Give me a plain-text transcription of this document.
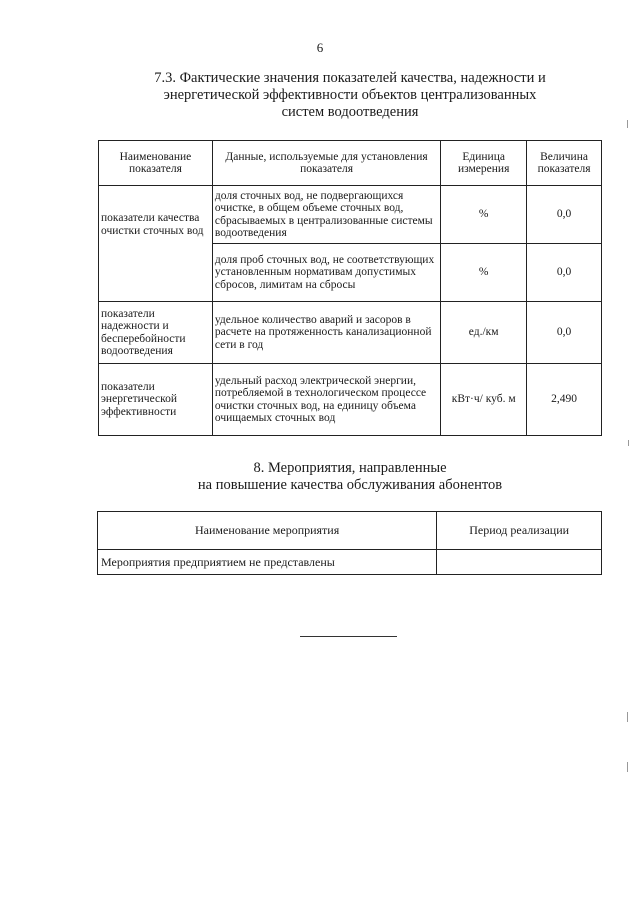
6
7.3. Фактические значения показателей качества, надежности и
энергетической эффективности объектов централизованных
систем водоотведения
Наименование показателя	Данные, используемые для установления показателя	Единица измерения	Величина показателя
показатели качества очистки сточных вод	доля сточных вод, не подвергающихся очистке, в общем объеме сточных вод, сбрасываемых в централизованные системы водоотведения	%	0,0
	доля проб сточных вод, не соответствующих установленным нормативам допустимых сбросов, лимитам на сбросы	%	0,0
показатели надежности и бесперебойности водоотведения	удельное количество аварий и засоров в расчете на протяженность канализационной сети в год	ед./км	0,0
показатели энергетической эффективности	удельный расход электрической энергии, потребляемой в технологическом процессе очистки сточных вод, на единицу объема очищаемых сточных вод	кВт·ч/ куб. м	2,490
8. Мероприятия, направленные
на повышение качества обслуживания абонентов
Наименование мероприятия	Период реализации
Мероприятия предприятием не представлены	
